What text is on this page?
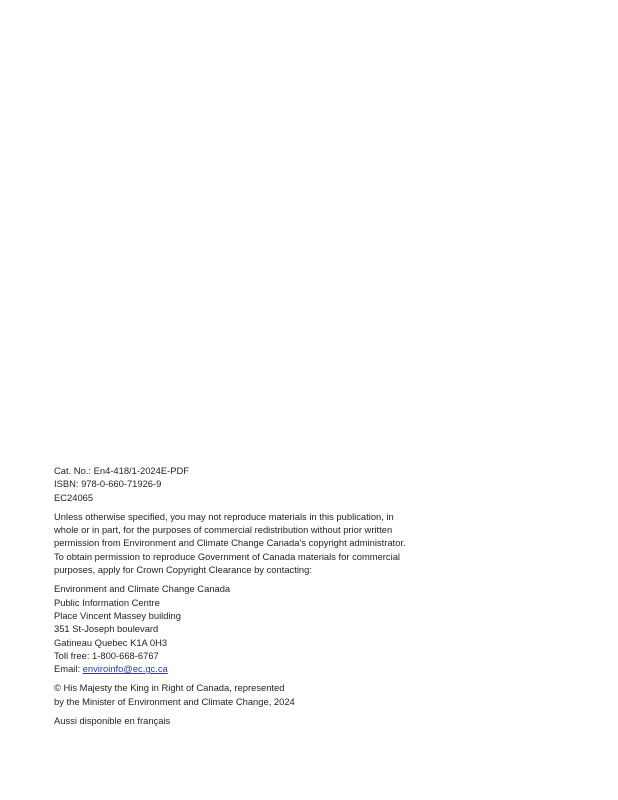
Cat. No.: En4-418/1-2024E-PDF
ISBN: 978-0-660-71926-9
EC24065
Unless otherwise specified, you may not reproduce materials in this publication, in
whole or in part, for the purposes of commercial redistribution without prior written
permission from Environment and Climate Change Canada’s copyright administrator.
To obtain permission to reproduce Government of Canada materials for commercial
purposes, apply for Crown Copyright Clearance by contacting:
Environment and Climate Change Canada
Public Information Centre
Place Vincent Massey building
351 St-Joseph boulevard
Gatineau Quebec K1A 0H3
Toll free: 1-800-668-6767
Email: enviroinfo@ec.gc.ca
© His Majesty the King in Right of Canada, represented
by the Minister of Environment and Climate Change, 2024
Aussi disponible en français
